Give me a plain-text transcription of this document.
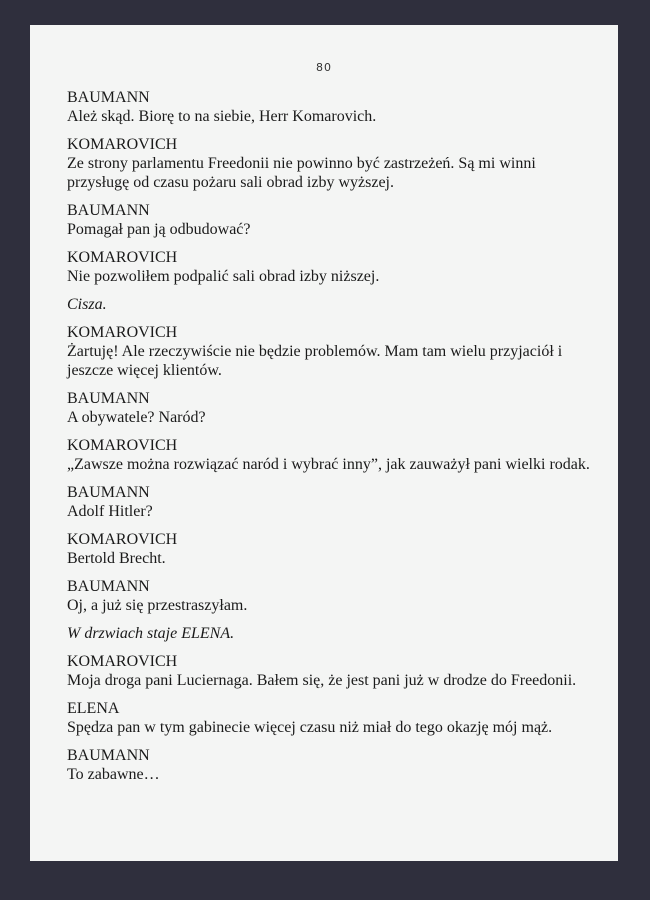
80
BAUMANN
Ależ skąd. Biorę to na siebie, Herr Komarovich.
KOMAROVICH
Ze strony parlamentu Freedonii nie powinno być zastrzeżeń. Są mi winni przysługę od czasu pożaru sali obrad izby wyższej.
BAUMANN
Pomagał pan ją odbudować?
KOMAROVICH
Nie pozwoliłem podpalić sali obrad izby niższej.
Cisza.
KOMAROVICH
Żartuję! Ale rzeczywiście nie będzie problemów. Mam tam wielu przyjaciół i jeszcze więcej klientów.
BAUMANN
A obywatele? Naród?
KOMAROVICH
„Zawsze można rozwiązać naród i wybrać inny”, jak zauważył pani wielki rodak.
BAUMANN
Adolf Hitler?
KOMAROVICH
Bertold Brecht.
BAUMANN
Oj, a już się przestraszyłam.
W drzwiach staje ELENA.
KOMAROVICH
Moja droga pani Luciernaga. Bałem się, że jest pani już w drodze do Freedonii.
ELENA
Spędza pan w tym gabinecie więcej czasu niż miał do tego okazję mój mąż.
BAUMANN
To zabawne…
